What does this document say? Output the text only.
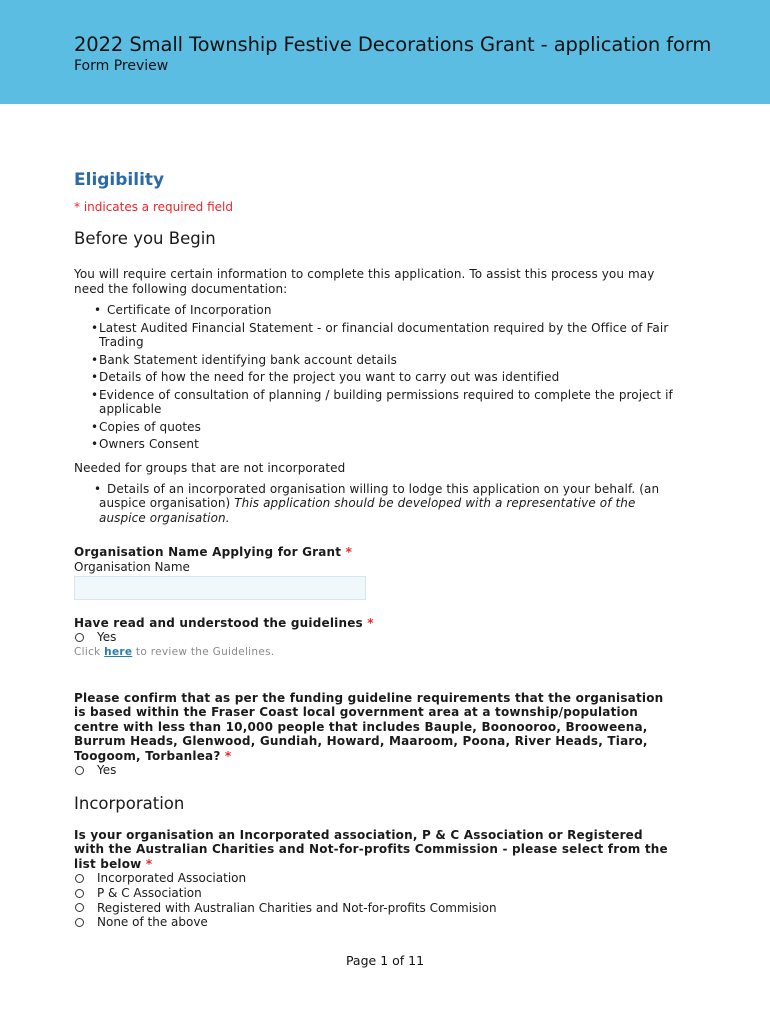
2022 Small Township Festive Decorations Grant - application form
Form Preview
Eligibility
* indicates a required field
Before you Begin
You will require certain information to complete this application. To assist this process you may need the following documentation:
• Certificate of Incorporation
• Latest Audited Financial Statement - or financial documentation required by the Office of Fair Trading
• Bank Statement identifying bank account details
• Details of how the need for the project you want to carry out was identified
• Evidence of consultation of planning / building permissions required to complete the project if applicable
• Copies of quotes
• Owners Consent
Needed for groups that are not incorporated
• Details of an incorporated organisation willing to lodge this application on your behalf. (an auspice organisation) This application should be developed with a representative of the auspice organisation.
Organisation Name Applying for Grant *
Organisation Name
Have read and understood the guidelines *
Yes
Click here to review the Guidelines.
Please confirm that as per the funding guideline requirements that the organisation is based within the Fraser Coast local government area at a township/population centre with less than 10,000 people that includes Bauple, Boonooroo, Brooweena, Burrum Heads, Glenwood, Gundiah, Howard, Maaroom, Poona, River Heads, Tiaro, Toogoom, Torbanlea? *
Yes
Incorporation
Is your organisation an Incorporated association, P & C Association or Registered with the Australian Charities and Not-for-profits Commission - please select from the list below *
Incorporated Association
P & C Association
Registered with Australian Charities and Not-for-profits Commision
None of the above
Page 1 of 11
